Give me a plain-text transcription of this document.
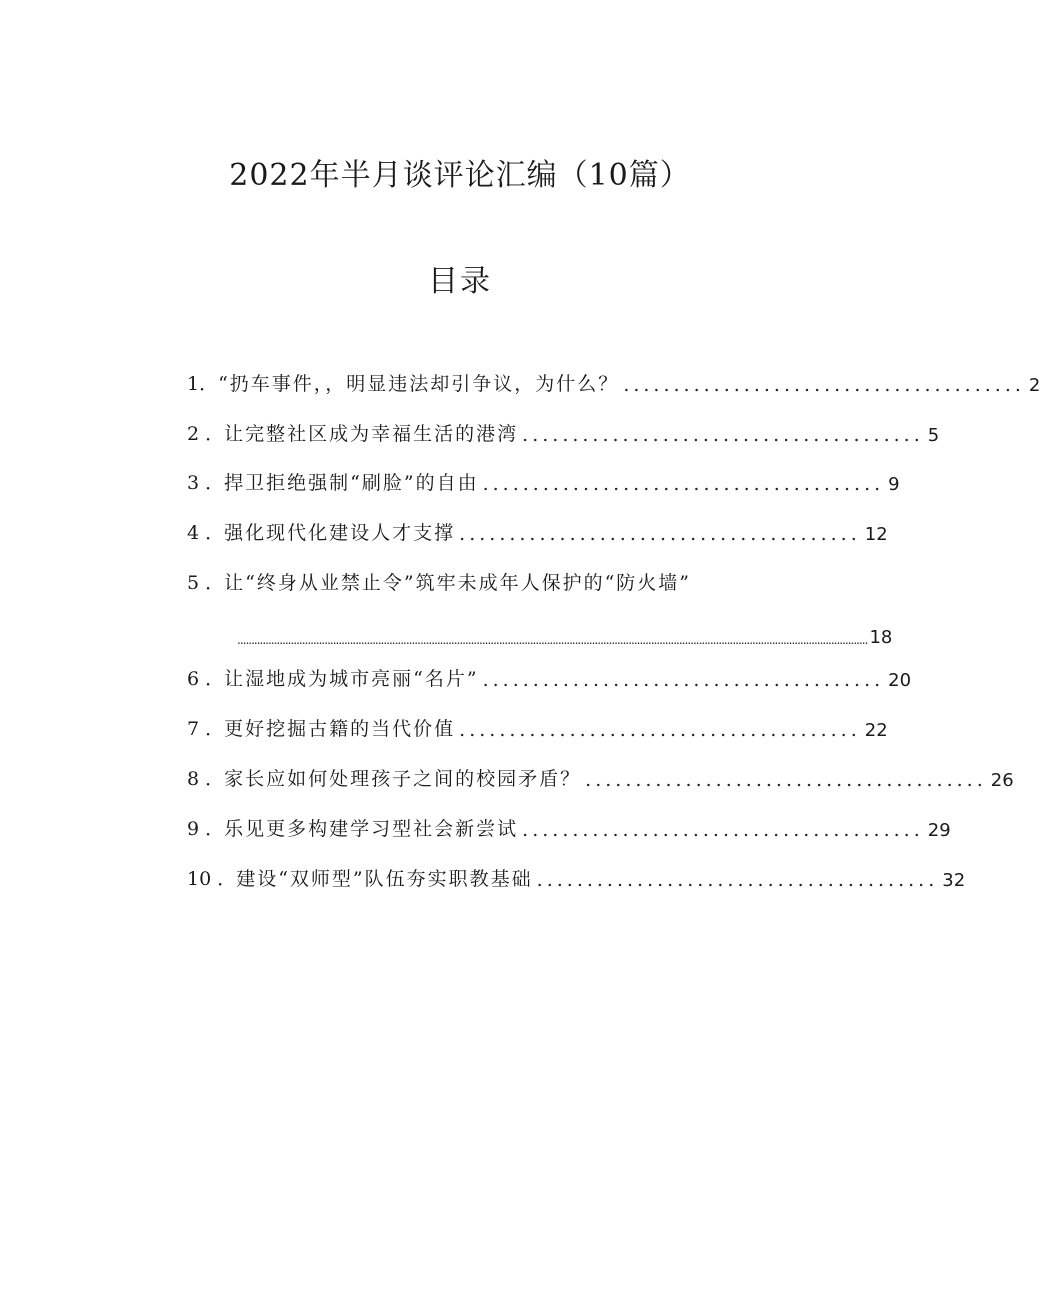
2022年半月谈评论汇编（10篇）
目录
1． “扔车事件，，明显违法却引争议，为什么？ ........................................ 2
2 ． 让完整社区成为幸福生活的港湾 ........................................ 5
3 ． 捍卫拒绝强制“刷脸”的自由 ........................................ 9
4 ． 强化现代化建设人才支撑 ........................................ 12
5 ． 让“终身从业禁止令”筑牢未成年人保护的“防火墙”
................................................................................................................................................................................................................................ 18
6 ． 让湿地成为城市亮丽“名片” ........................................ 20
7 ． 更好挖掘古籍的当代价值 ........................................ 22
8 ． 家长应如何处理孩子之间的校园矛盾？ ........................................ 26
9 ． 乐见更多构建学习型社会新尝试 ........................................ 29
10 ． 建设“双师型”队伍夯实职教基础 ........................................ 32
